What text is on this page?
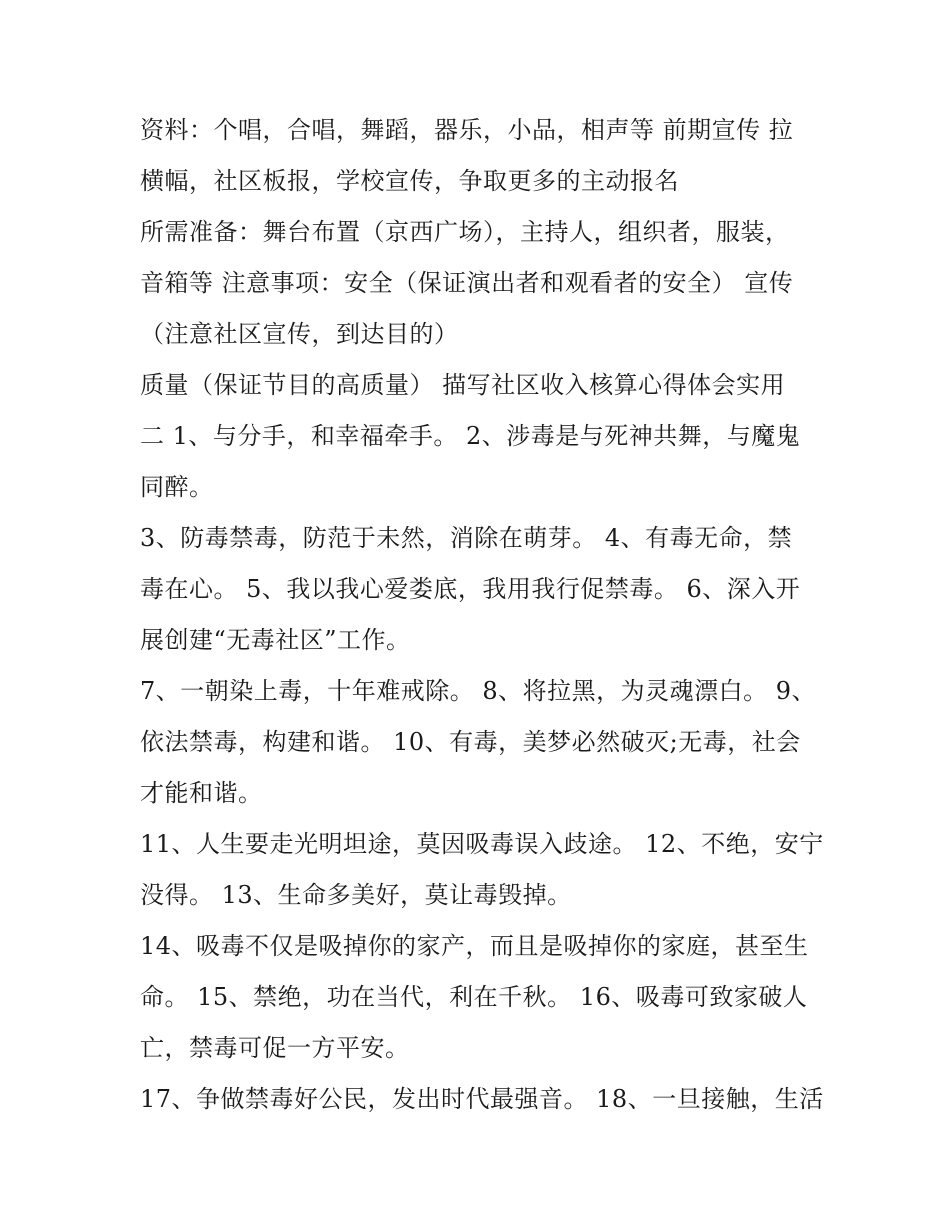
资料：个唱，合唱，舞蹈，器乐，小品，相声等 前期宣传 拉
横幅，社区板报，学校宣传，争取更多的主动报名
所需准备：舞台布置（京西广场），主持人，组织者，服装，
音箱等 注意事项：安全（保证演出者和观看者的安全） 宣传
（注意社区宣传，到达目的）
质量（保证节目的高质量） 描写社区收入核算心得体会实用
二 1、与分手，和幸福牵手。 2、涉毒是与死神共舞，与魔鬼
同醉。
3、防毒禁毒，防范于未然，消除在萌芽。 4、有毒无命，禁
毒在心。 5、我以我心爱娄底，我用我行促禁毒。 6、深入开
展创建“无毒社区”工作。
7、一朝染上毒，十年难戒除。 8、将拉黑，为灵魂漂白。 9、
依法禁毒，构建和谐。 10、有毒，美梦必然破灭;无毒，社会
才能和谐。
11、人生要走光明坦途，莫因吸毒误入歧途。 12、不绝，安宁
没得。 13、生命多美好，莫让毒毁掉。
14、吸毒不仅是吸掉你的家产，而且是吸掉你的家庭，甚至生
命。 15、禁绝，功在当代，利在千秋。 16、吸毒可致家破人
亡，禁毒可促一方平安。
17、争做禁毒好公民，发出时代最强音。 18、一旦接触，生活
